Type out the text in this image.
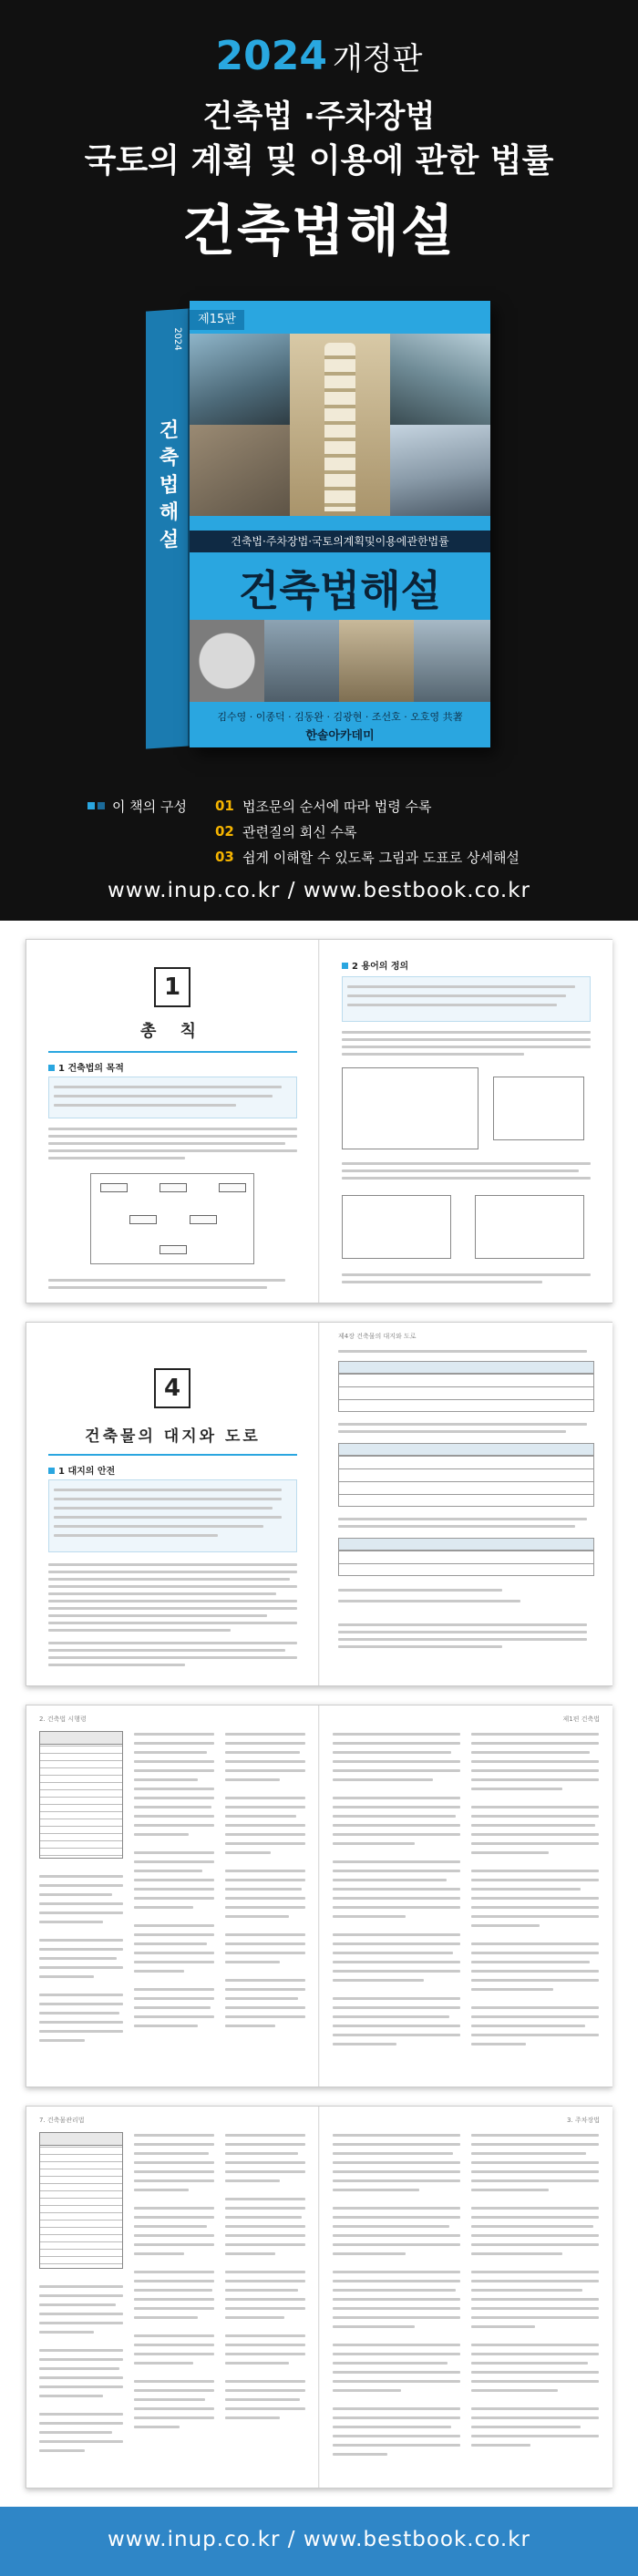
2024 개정판
건축법 ·주차장법
국토의 계획 및 이용에 관한 법률
건축법해설
2024
건축법해설
제15판
건축법·주차장법·국토의계획및이용에관한법률
건축법해설
김수영 · 이종덕 · 김동완 · 김광현 · 조선호 · 오호영 共著
한솔아카데미
이 책의 구성 01 법조문의 순서에 따라 법령 수록
02 관련질의 회신 수록
03 쉽게 이해할 수 있도록 그림과 도표로 상세해설
www.inup.co.kr / www.bestbook.co.kr
1
총 칙
1 건축법의 목적
2 용어의 정의
4
건축물의 대지와 도로
1 대지의 안전
제4장 건축물의 대지와 도로
2. 건축법 시행령	제1편 건축법
7. 건축물관리법	3. 주차장법
www.inup.co.kr / www.bestbook.co.kr
